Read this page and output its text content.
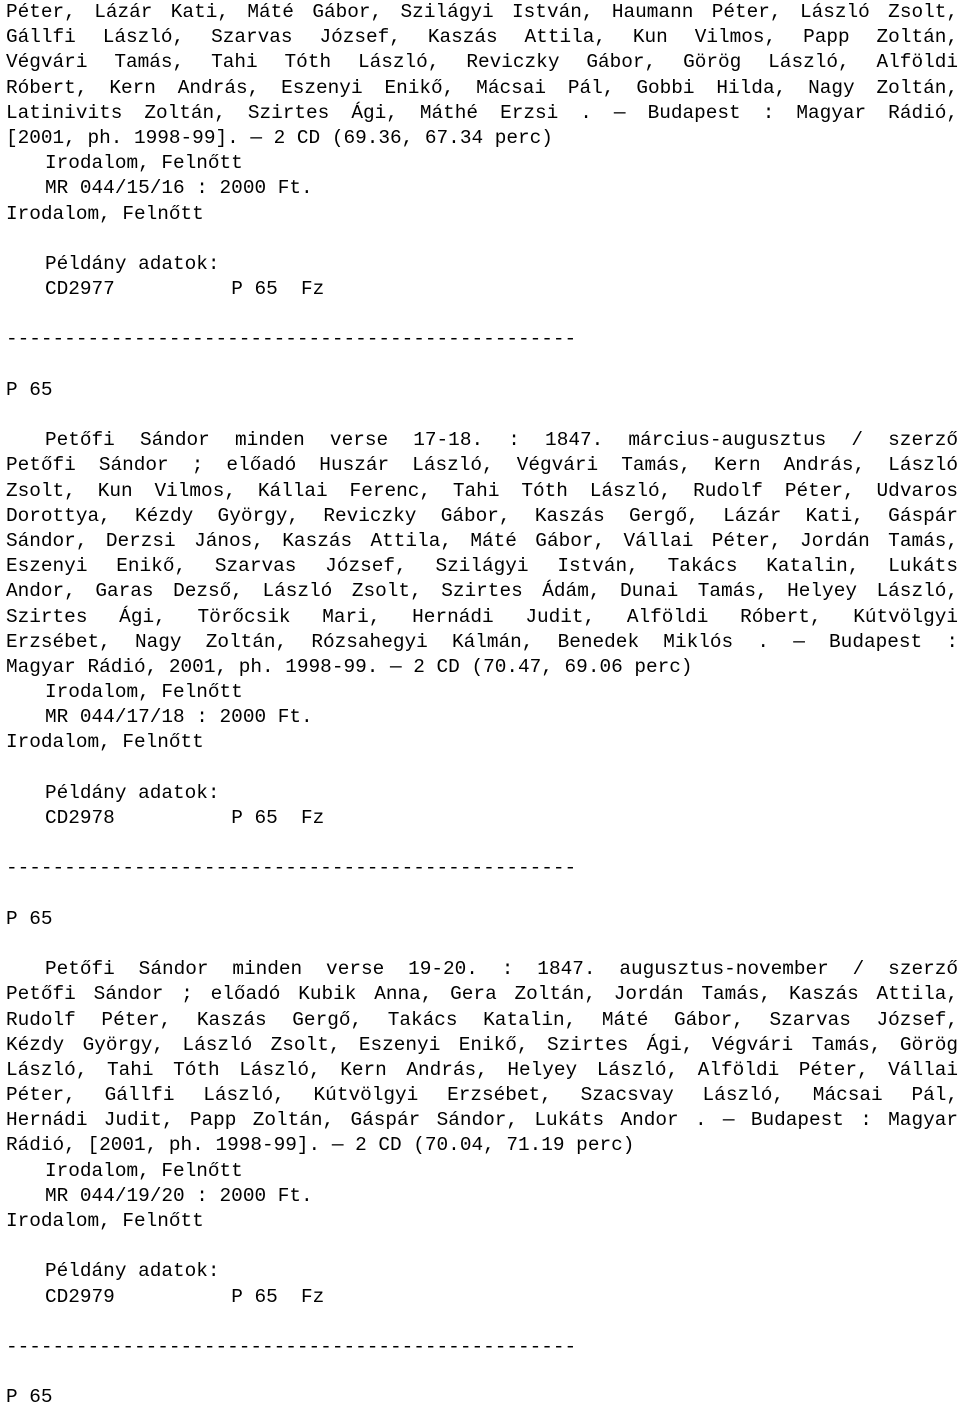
Péter, Lázár Kati, Máté Gábor, Szilágyi István, Haumann Péter, László Zsolt,
Gállfi László, Szarvas József, Kaszás Attila, Kun Vilmos, Papp Zoltán,
Végvári Tamás, Tahi Tóth László, Reviczky Gábor, Görög László, Alföldi
Róbert, Kern András, Eszenyi Enikő, Mácsai Pál, Gobbi Hilda, Nagy Zoltán,
Latinivits Zoltán, Szirtes Ági, Máthé Erzsi . — Budapest : Magyar Rádió,
[2001, ph. 1998-99]. — 2 CD (69.36, 67.34 perc)
Irodalom, Felnőtt
MR 044/15/16 : 2000 Ft.
Irodalom, Felnőtt
Példány adatok:
CD2977	P 65 Fz
-------------------------------------------------
P 65
Petőfi Sándor minden verse 17-18. : 1847. március-augusztus / szerző
Petőfi Sándor ; előadó Huszár László, Végvári Tamás, Kern András, László
Zsolt, Kun Vilmos, Kállai Ferenc, Tahi Tóth László, Rudolf Péter, Udvaros
Dorottya, Kézdy György, Reviczky Gábor, Kaszás Gergő, Lázár Kati, Gáspár
Sándor, Derzsi János, Kaszás Attila, Máté Gábor, Vállai Péter, Jordán Tamás,
Eszenyi Enikő, Szarvas József, Szilágyi István, Takács Katalin, Lukáts
Andor, Garas Dezső, László Zsolt, Szirtes Ádám, Dunai Tamás, Helyey László,
Szirtes Ági, Törőcsik Mari, Hernádi Judit, Alföldi Róbert, Kútvölgyi
Erzsébet, Nagy Zoltán, Rózsahegyi Kálmán, Benedek Miklós . — Budapest :
Magyar Rádió, 2001, ph. 1998-99. — 2 CD (70.47, 69.06 perc)
Irodalom, Felnőtt
MR 044/17/18 : 2000 Ft.
Irodalom, Felnőtt
Példány adatok:
CD2978	P 65 Fz
-------------------------------------------------
P 65
Petőfi Sándor minden verse 19-20. : 1847. augusztus-november / szerző
Petőfi Sándor ; előadó Kubik Anna, Gera Zoltán, Jordán Tamás, Kaszás Attila,
Rudolf Péter, Kaszás Gergő, Takács Katalin, Máté Gábor, Szarvas József,
Kézdy György, László Zsolt, Eszenyi Enikő, Szirtes Ági, Végvári Tamás, Görög
László, Tahi Tóth László, Kern András, Helyey László, Alföldi Péter, Vállai
Péter, Gállfi László, Kútvölgyi Erzsébet, Szacsvay László, Mácsai Pál,
Hernádi Judit, Papp Zoltán, Gáspár Sándor, Lukáts Andor . — Budapest : Magyar
Rádió, [2001, ph. 1998-99]. — 2 CD (70.04, 71.19 perc)
Irodalom, Felnőtt
MR 044/19/20 : 2000 Ft.
Irodalom, Felnőtt
Példány adatok:
CD2979	P 65 Fz
-------------------------------------------------
P 65
